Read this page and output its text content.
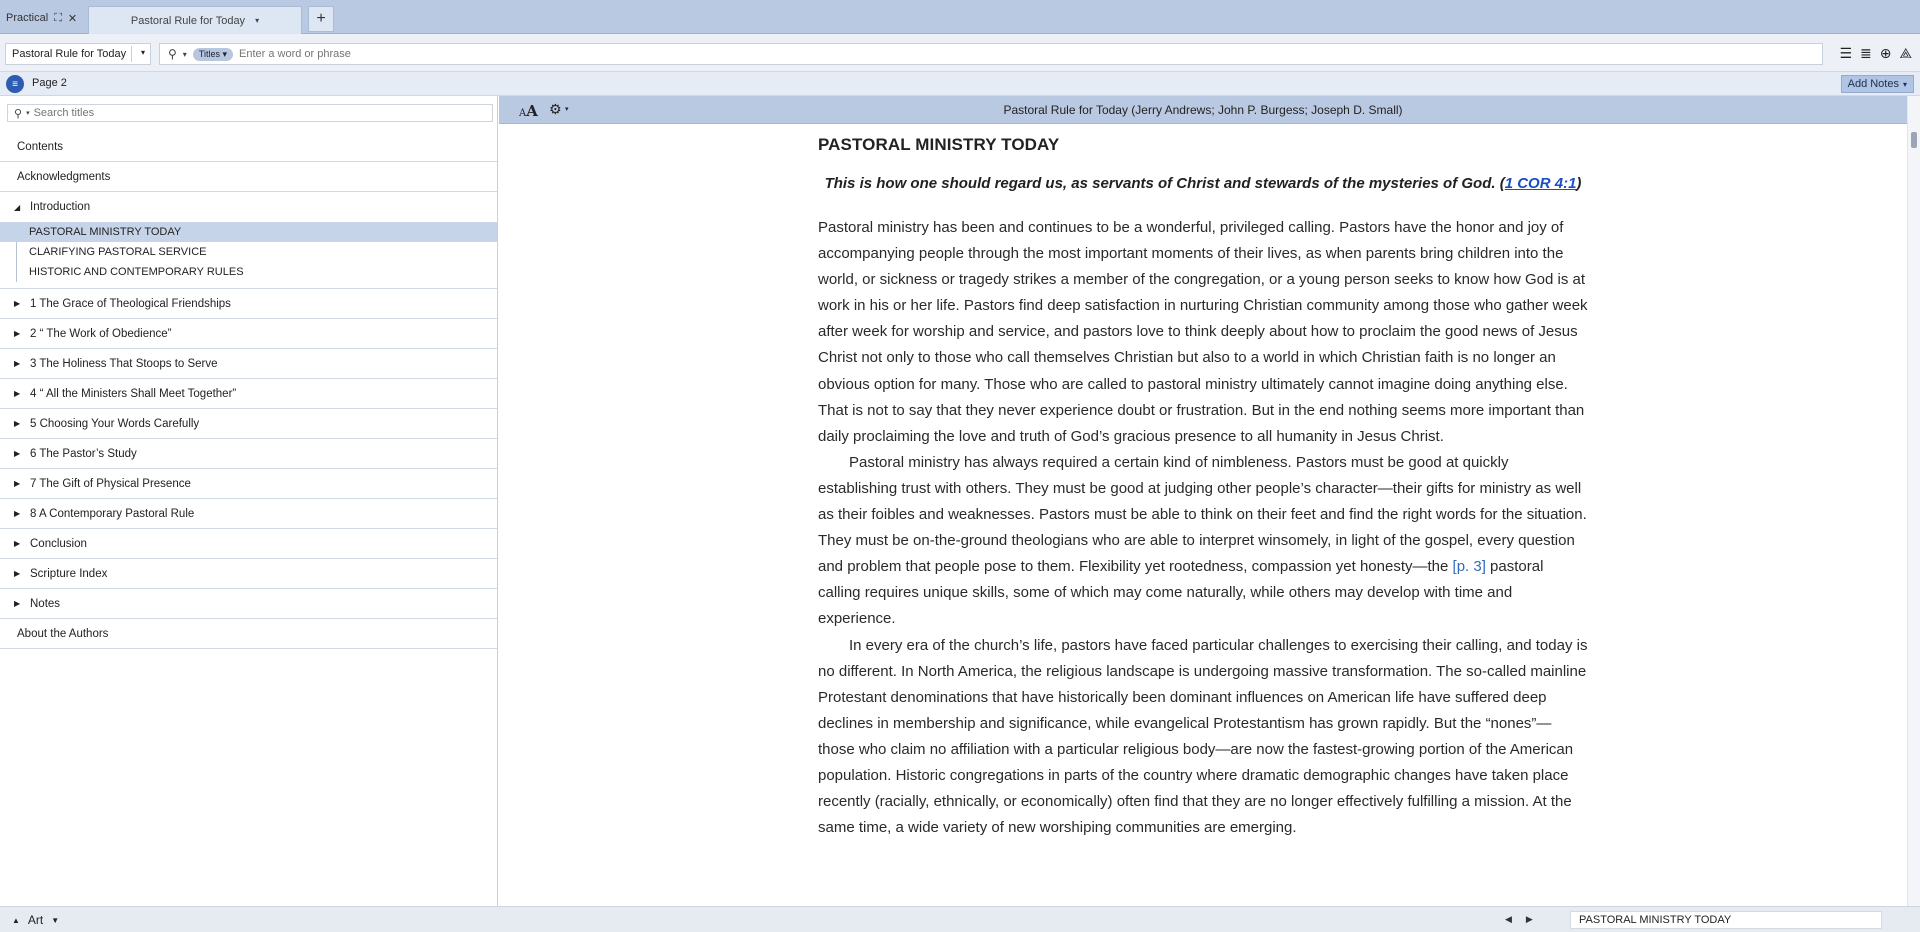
Practical ⛶ ✕	Pastoral Rule for Today ▾	+
Pastoral Rule for Today ▾ ⚲ ▾	Titles ▾
Enter a word or phrase	☰ ≣ ⊕ ⟁
≡	Page 2	Add Notes ▾
⚲ ▾
Search titles
Contents
Acknowledgments
◢ Introduction
PASTORAL MINISTRY TODAY
CLARIFYING PASTORAL SERVICE
HISTORIC AND CONTEMPORARY RULES
▶ 1 The Grace of Theological Friendships
▶ 2 “ The Work of Obedience”
▶ 3 The Holiness That Stoops to Serve
▶ 4 “ All the Ministers Shall Meet Together”
▶ 5 Choosing Your Words Carefully
▶ 6 The Pastor’s Study
▶ 7 The Gift of Physical Presence
▶ 8 A Contemporary Pastoral Rule
▶ Conclusion
▶ Scripture Index
▶ Notes
About the Authors
AA ⚙ ▾	Pastoral Rule for Today (Jerry Andrews; John P. Burgess; Joseph D. Small)
PASTORAL MINISTRY TODAY

This is how one should regard us, as servants of Christ and stewards of the mysteries of God. (1 COR 4:1)

Pastoral ministry has been and continues to be a wonderful, privileged calling. Pastors have the honor and joy of accompanying people through the most important moments of their lives, as when parents bring children into the world, or sickness or tragedy strikes a member of the congregation, or a young person seeks to know how God is at work in his or her life. Pastors find deep satisfaction in nurturing Christian community among those who gather week after week for worship and service, and pastors love to think deeply about how to proclaim the good news of Jesus Christ not only to those who call themselves Christian but also to a world in which Christian faith is no longer an obvious option for many. Those who are called to pastoral ministry ultimately cannot imagine doing anything else. That is not to say that they never experience doubt or frustration. But in the end nothing seems more important than daily proclaiming the love and truth of God’s gracious presence to all humanity in Jesus Christ.

Pastoral ministry has always required a certain kind of nimbleness. Pastors must be good at quickly establishing trust with others. They must be good at judging other people’s character—their gifts for ministry as well as their foibles and weaknesses. Pastors must be able to think on their feet and find the right words for the situation. They must be on-the-ground theologians who are able to interpret winsomely, in light of the gospel, every question and problem that people pose to them. Flexibility yet rootedness, compassion yet honesty—the [p. 3] pastoral calling requires unique skills, some of which may come naturally, while others may develop with time and experience.

In every era of the church’s life, pastors have faced particular challenges to exercising their calling, and today is no different. In North America, the religious landscape is undergoing massive transformation. The so-called mainline Protestant denominations that have historically been dominant influences on American life have suffered deep declines in membership and significance, while evangelical Protestantism has grown rapidly. But the “nones”—those who claim no affiliation with a particular religious body—are now the fastest-growing portion of the American population. Historic congregations in parts of the country where dramatic demographic changes have taken place recently (racially, ethnically, or economically) often find that they are no longer effectively fulfilling a mission. At the same time, a wide variety of new worshiping communities are emerging.

▲ Art ▼	◀ ▶	PASTORAL MINISTRY TODAY
